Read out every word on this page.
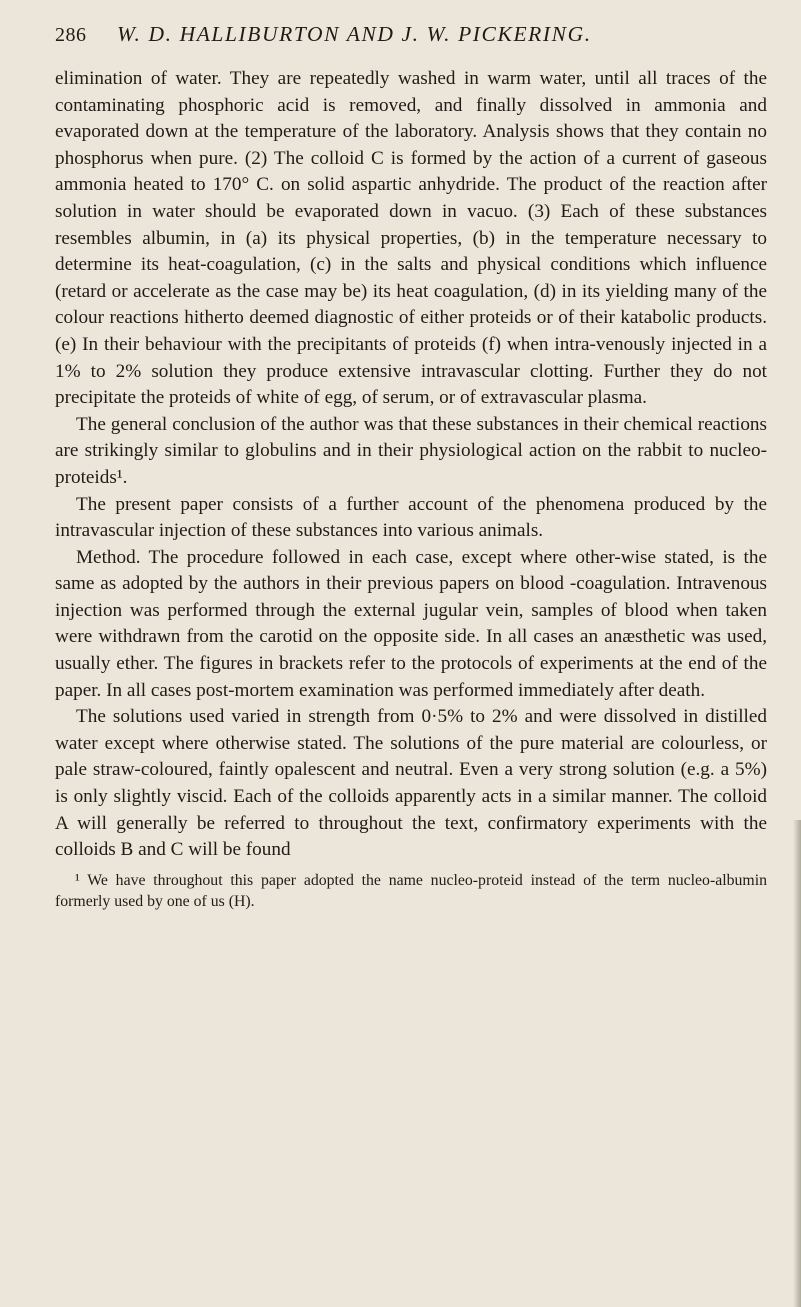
286 W. D. HALLIBURTON AND J. W. PICKERING.

elimination of water. They are repeatedly washed in warm water, until all traces of the contaminating phosphoric acid is removed, and finally dissolved in ammonia and evaporated down at the temperature of the laboratory. Analysis shows that they contain no phosphorus when pure. (2) The colloid C is formed by the action of a current of gaseous ammonia heated to 170° C. on solid aspartic anhydride. The product of the reaction after solution in water should be evaporated down in vacuo. (3) Each of these substances resembles albumin, in (a) its physical properties, (b) in the temperature necessary to determine its heat-coagulation, (c) in the salts and physical conditions which influence (retard or accelerate as the case may be) its heat coagulation, (d) in its yielding many of the colour reactions hitherto deemed diagnostic of either proteids or of their katabolic products. (e) In their behaviour with the precipitants of proteids (f) when intra-venously injected in a 1% to 2% solution they produce extensive intravascular clotting. Further they do not precipitate the proteids of white of egg, of serum, or of extravascular plasma.

The general conclusion of the author was that these substances in their chemical reactions are strikingly similar to globulins and in their physiological action on the rabbit to nucleo-proteids¹.

The present paper consists of a further account of the phenomena produced by the intravascular injection of these substances into various animals.

Method. The procedure followed in each case, except where other-wise stated, is the same as adopted by the authors in their previous papers on blood -coagulation. Intravenous injection was performed through the external jugular vein, samples of blood when taken were withdrawn from the carotid on the opposite side. In all cases an anæsthetic was used, usually ether. The figures in brackets refer to the protocols of experiments at the end of the paper. In all cases post-mortem examination was performed immediately after death.

The solutions used varied in strength from 0·5% to 2% and were dissolved in distilled water except where otherwise stated. The solutions of the pure material are colourless, or pale straw-coloured, faintly opalescent and neutral. Even a very strong solution (e.g. a 5%) is only slightly viscid. Each of the colloids apparently acts in a similar manner. The colloid A will generally be referred to throughout the text, confirmatory experiments with the colloids B and C will be found

¹ We have throughout this paper adopted the name nucleo-proteid instead of the term nucleo-albumin formerly used by one of us (H).
